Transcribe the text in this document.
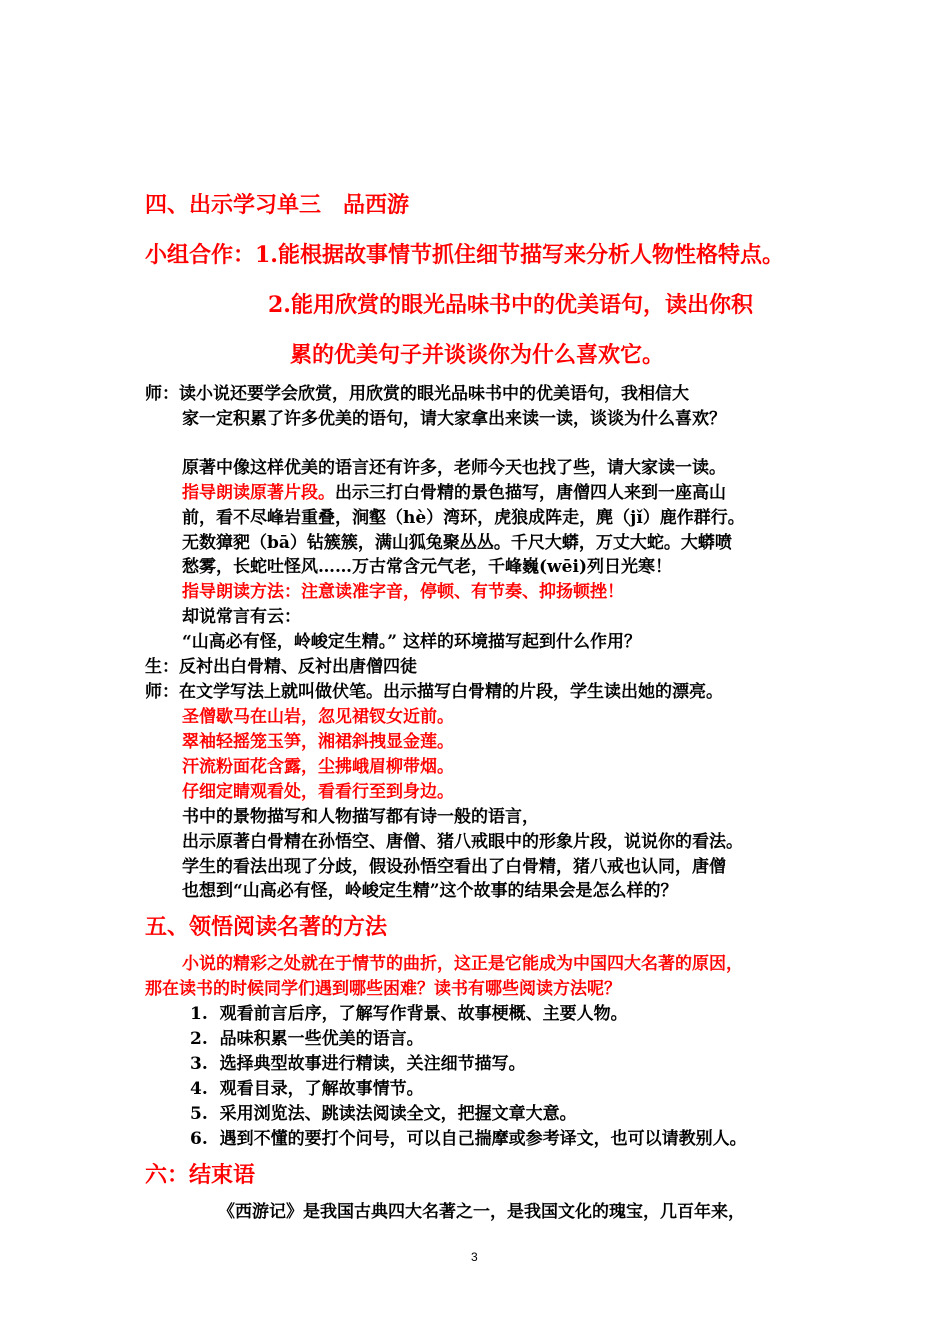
四、出示学习单三　品西游
小组合作：1.能根据故事情节抓住细节描写来分析人物性格特点。
2.能用欣赏的眼光品味书中的优美语句，读出你积
累的优美句子并谈谈你为什么喜欢它。
师：读小说还要学会欣赏，用欣赏的眼光品味书中的优美语句，我相信大
家一定积累了许多优美的语句，请大家拿出来读一读，谈谈为什么喜欢？
原著中像这样优美的语言还有许多，老师今天也找了些，请大家读一读。
指导朗读原著片段。出示三打白骨精的景色描写，唐僧四人来到一座高山
前，看不尽峰岩重叠，涧壑（hè）湾环，虎狼成阵走，麂（jǐ）鹿作群行。
无数獐豝（bā）钻簇簇，满山狐兔聚丛丛。千尺大蟒，万丈大蛇。大蟒喷
愁雾，长蛇吐怪风……万古常含元气老，千峰巍(wēi)列日光寒！
指导朗读方法：注意读准字音，停顿、有节奏、抑扬顿挫！
却说常言有云：
“山高必有怪，岭峻定生精。” 这样的环境描写起到什么作用？
生：反衬出白骨精、反衬出唐僧四徒
师：在文学写法上就叫做伏笔。出示描写白骨精的片段，学生读出她的漂亮。
圣僧歇马在山岩，忽见裙钗女近前。
翠袖轻摇笼玉笋，湘裙斜拽显金莲。
汗流粉面花含露，尘拂峨眉柳带烟。
仔细定睛观看处，看看行至到身边。
书中的景物描写和人物描写都有诗一般的语言，
出示原著白骨精在孙悟空、唐僧、猪八戒眼中的形象片段，说说你的看法。
学生的看法出现了分歧，假设孙悟空看出了白骨精，猪八戒也认同，唐僧
也想到“山高必有怪，岭峻定生精”这个故事的结果会是怎么样的？
五、领悟阅读名著的方法
小说的精彩之处就在于情节的曲折，这正是它能成为中国四大名著的原因，
那在读书的时候同学们遇到哪些困难？读书有哪些阅读方法呢？
1. 观看前言后序，了解写作背景、故事梗概、主要人物。
2. 品味积累一些优美的语言。
3. 选择典型故事进行精读，关注细节描写。
4. 观看目录，了解故事情节。
5. 采用浏览法、跳读法阅读全文，把握文章大意。
6. 遇到不懂的要打个问号，可以自己揣摩或参考译文，也可以请教别人。
六：结束语
《西游记》是我国古典四大名著之一，是我国文化的瑰宝，几百年来，
3
